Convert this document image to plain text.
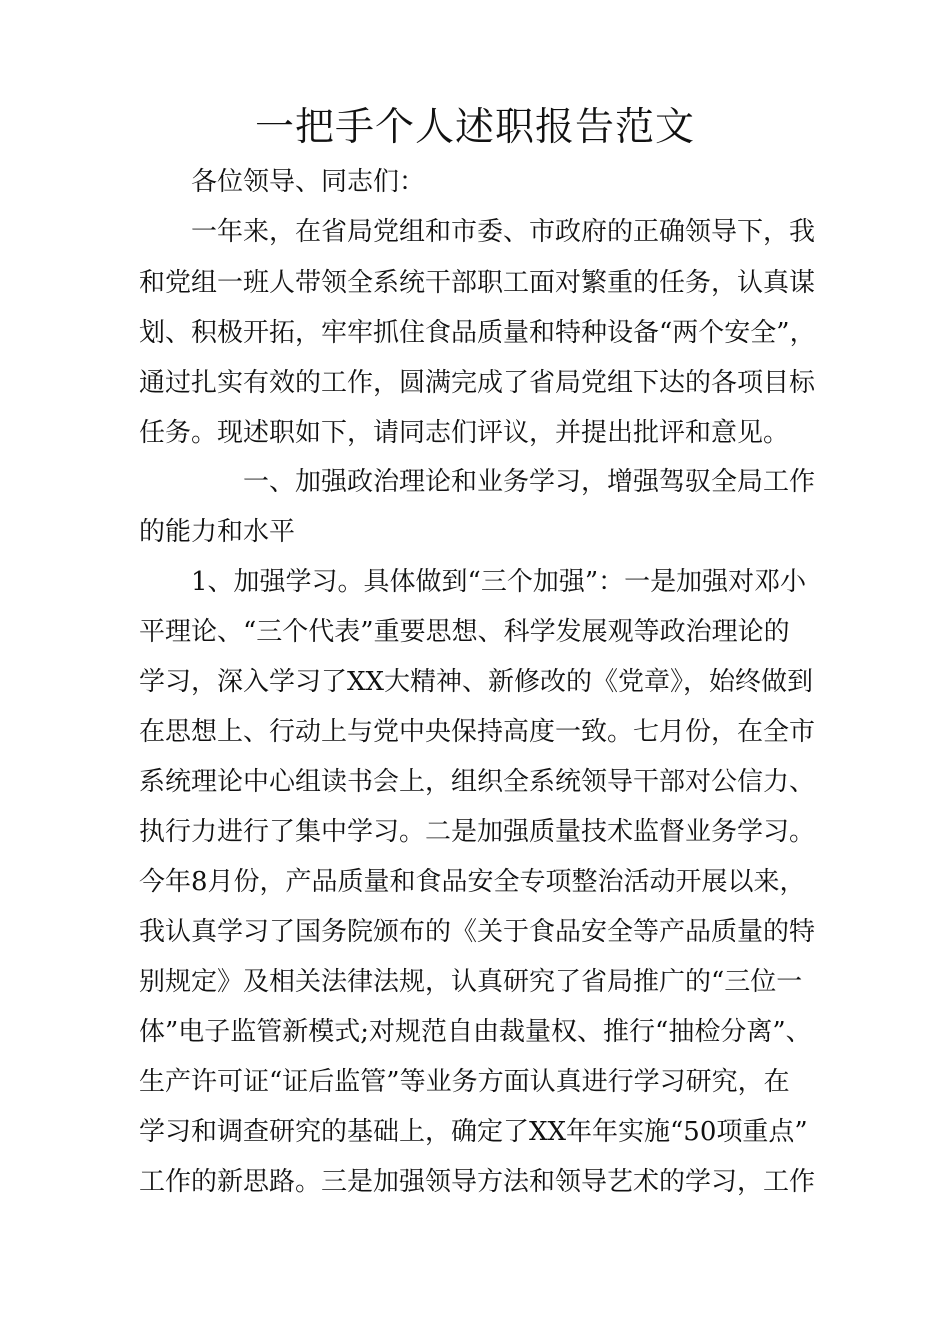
一把手个人述职报告范文

各位领导、同志们：

一年来，在省局党组和市委、市政府的正确领导下，我

和党组一班人带领全系统干部职工面对繁重的任务，认真谋

划、积极开拓，牢牢抓住食品质量和特种设备“两个安全”，

通过扎实有效的工作，圆满完成了省局党组下达的各项目标

任务。现述职如下，请同志们评议，并提出批评和意见。

一、加强政治理论和业务学习，增强驾驭全局工作

的能力和水平

1、加强学习。具体做到“三个加强”：一是加强对邓小

平理论、“三个代表”重要思想、科学发展观等政治理论的

学习，深入学习了XX大精神、新修改的《党章》，始终做到

在思想上、行动上与党中央保持高度一致。七月份，在全市

系统理论中心组读书会上，组织全系统领导干部对公信力、

执行力进行了集中学习。二是加强质量技术监督业务学习。

今年8月份，产品质量和食品安全专项整治活动开展以来，

我认真学习了国务院颁布的《关于食品安全等产品质量的特

别规定》及相关法律法规，认真研究了省局推广的“三位一

体”电子监管新模式;对规范自由裁量权、推行“抽检分离”、

生产许可证“证后监管”等业务方面认真进行学习研究，在

学习和调查研究的基础上，确定了XX年年实施“50项重点”

工作的新思路。三是加强领导方法和领导艺术的学习，工作
